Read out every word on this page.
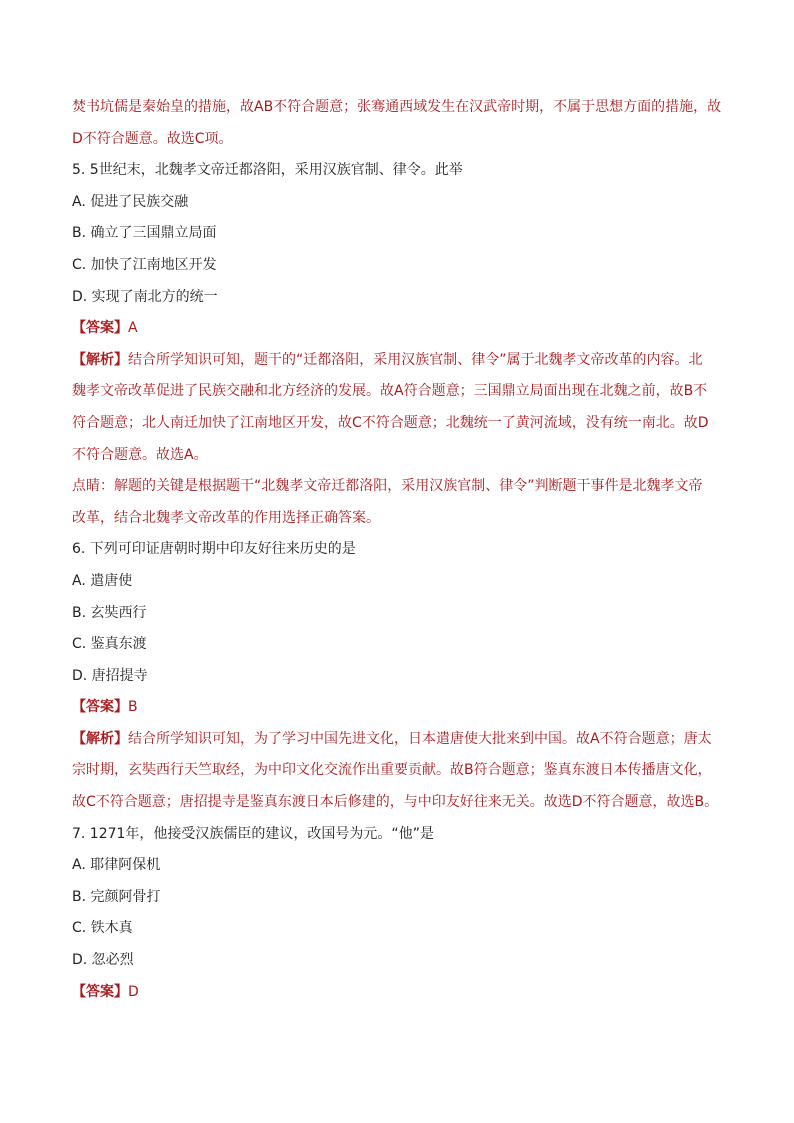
焚书坑儒是秦始皇的措施，故AB不符合题意；张骞通西域发生在汉武帝时期，不属于思想方面的措施，故
D不符合题意。故选C项。
5. 5世纪末，北魏孝文帝迁都洛阳，采用汉族官制、律令。此举
A. 促进了民族交融
B. 确立了三国鼎立局面
C. 加快了江南地区开发
D. 实现了南北方的统一
【答案】A
【解析】结合所学知识可知，题干的“迁都洛阳，采用汉族官制、律令”属于北魏孝文帝改革的内容。北
魏孝文帝改革促进了民族交融和北方经济的发展。故A符合题意；三国鼎立局面出现在北魏之前，故B不
符合题意；北人南迁加快了江南地区开发，故C不符合题意；北魏统一了黄河流域，没有统一南北。故D
不符合题意。故选A。
点睛：解题的关键是根据题干“北魏孝文帝迁都洛阳，采用汉族官制、律令”判断题干事件是北魏孝文帝
改革，结合北魏孝文帝改革的作用选择正确答案。
6. 下列可印证唐朝时期中印友好往来历史的是
A. 遣唐使
B. 玄奘西行
C. 鉴真东渡
D. 唐招提寺
【答案】B
【解析】结合所学知识可知，为了学习中国先进文化，日本遣唐使大批来到中国。故A不符合题意；唐太
宗时期，玄奘西行天竺取经，为中印文化交流作出重要贡献。故B符合题意；鉴真东渡日本传播唐文化，
故C不符合题意；唐招提寺是鉴真东渡日本后修建的，与中印友好往来无关。故选D不符合题意，故选B。
7. 1271年，他接受汉族儒臣的建议，改国号为元。“他”是
A. 耶律阿保机
B. 完颜阿骨打
C. 铁木真
D. 忽必烈
【答案】D
